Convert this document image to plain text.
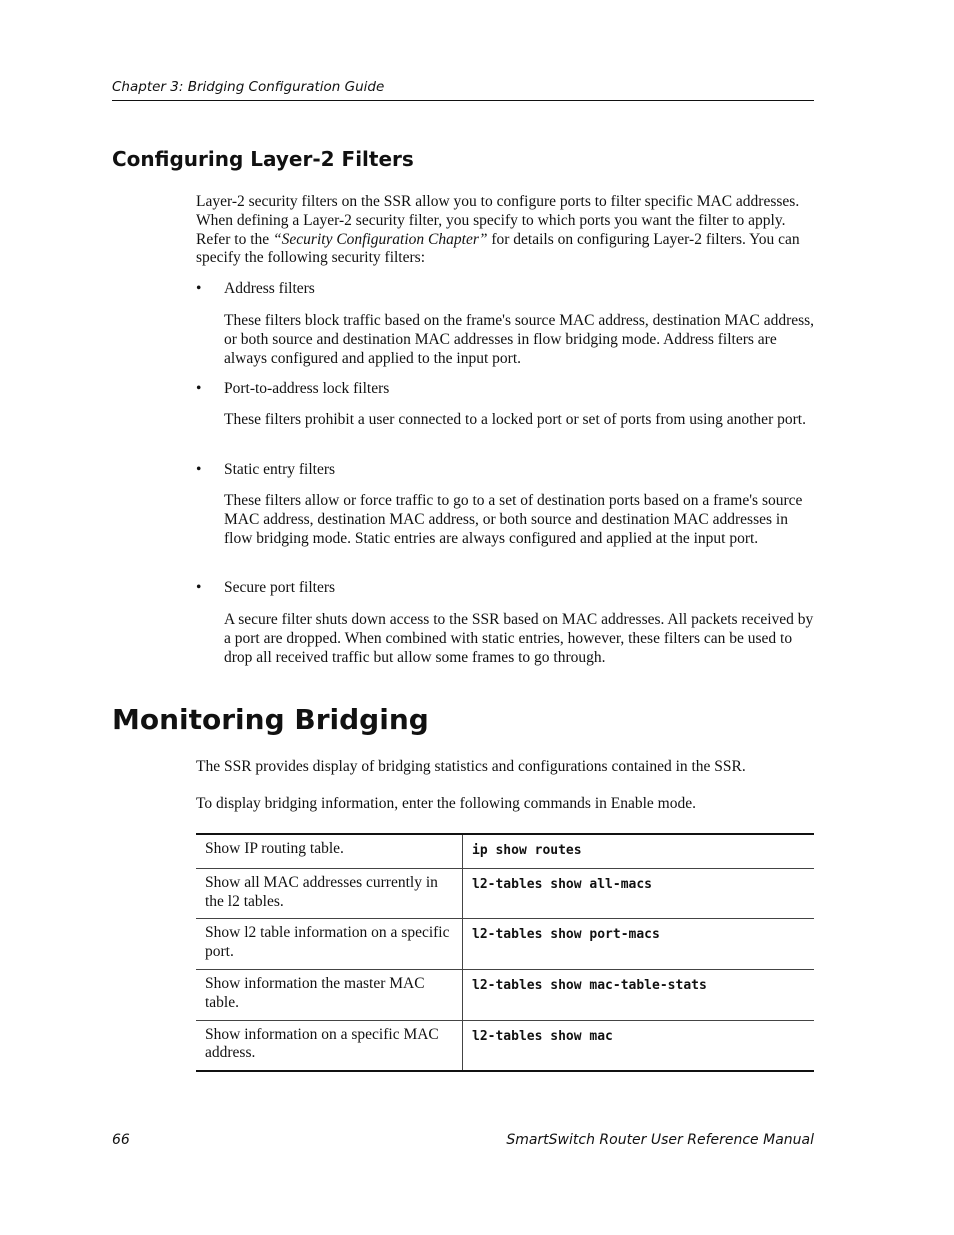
Chapter 3: Bridging Configuration Guide
Configuring Layer-2 Filters

Layer-2 security filters on the SSR allow you to configure ports to filter specific MAC addresses. When defining a Layer-2 security filter, you specify to which ports you want the filter to apply. Refer to the “Security Configuration Chapter” for details on configuring Layer-2 filters. You can specify the following security filters:

• Address filters

These filters block traffic based on the frame's source MAC address, destination MAC address, or both source and destination MAC addresses in flow bridging mode. Address filters are always configured and applied to the input port.

• Port-to-address lock filters

These filters prohibit a user connected to a locked port or set of ports from using another port.

• Static entry filters

These filters allow or force traffic to go to a set of destination ports based on a frame's source MAC address, destination MAC address, or both source and destination MAC addresses in flow bridging mode. Static entries are always configured and applied at the input port.

• Secure port filters

A secure filter shuts down access to the SSR based on MAC addresses. All packets received by a port are dropped. When combined with static entries, however, these filters can be used to drop all received traffic but allow some frames to go through.

Monitoring Bridging

The SSR provides display of bridging statistics and configurations contained in the SSR.

To display bridging information, enter the following commands in Enable mode.

Show IP routing table.	ip show routes
Show all MAC addresses currently in the l2 tables.	l2-tables show all-macs
Show l2 table information on a specific port.	l2-tables show port-macs
Show information the master MAC table.	l2-tables show mac-table-stats
Show information on a specific MAC address.	l2-tables show mac
66	SmartSwitch Router User Reference Manual
